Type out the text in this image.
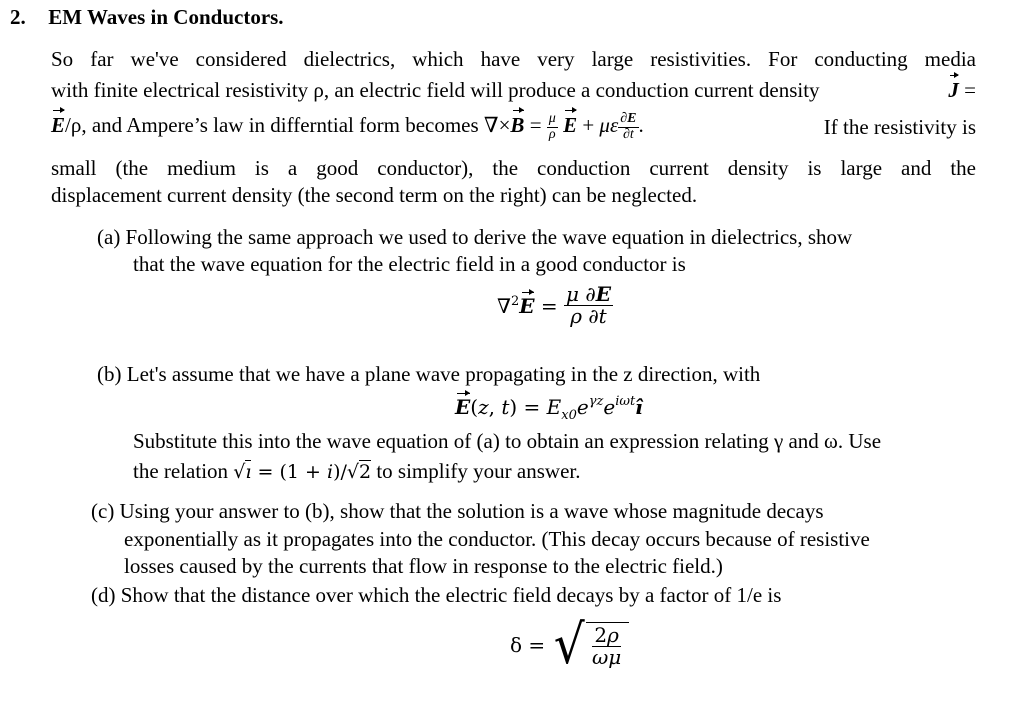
2. EM Waves in Conductors.
So far we've considered dielectrics, which have very large resistivities. For conducting media
with finite electrical resistivity ρ, an electric field will produce a conduction current density	J =
E/ρ, and Ampere’s law in differntial form becomes $\nabla\times B = \frac{\mu}{\rho}$ E + με $\frac{\partial E}{\partial t}$ .	If the resistivity is
small (the medium is a good conductor), the conduction current density is large and the
displacement current density (the second term on the right) can be neglected.
(a) Following the same approach we used to derive the wave equation in dielectrics, show
that the wave equation for the electric field in a good conductor is
$\nabla^2E = \frac{\mu \partial E}{\rho \partial t}$
(b) Let's assume that we have a plane wave propagating in the z direction, with
E(z, $t) = E_{x0}e^{\gamma z}e^{i\omega t}î$
Substitute this into the wave equation of (a) to obtain an expression relating γ and ω. Use
the relation √ı = (1 + i)/√2 to simplify your answer.
(c) Using your answer to (b), show that the solution is a wave whose magnitude decays
exponentially as it propagates into the conductor. (This decay occurs because of resistive
losses caused by the currents that flow in response to the electric field.)
(d) Show that the distance over which the electric field decays by a factor of 1/e is
δ = √ $\frac{2\rho}{\omega\mu}$
